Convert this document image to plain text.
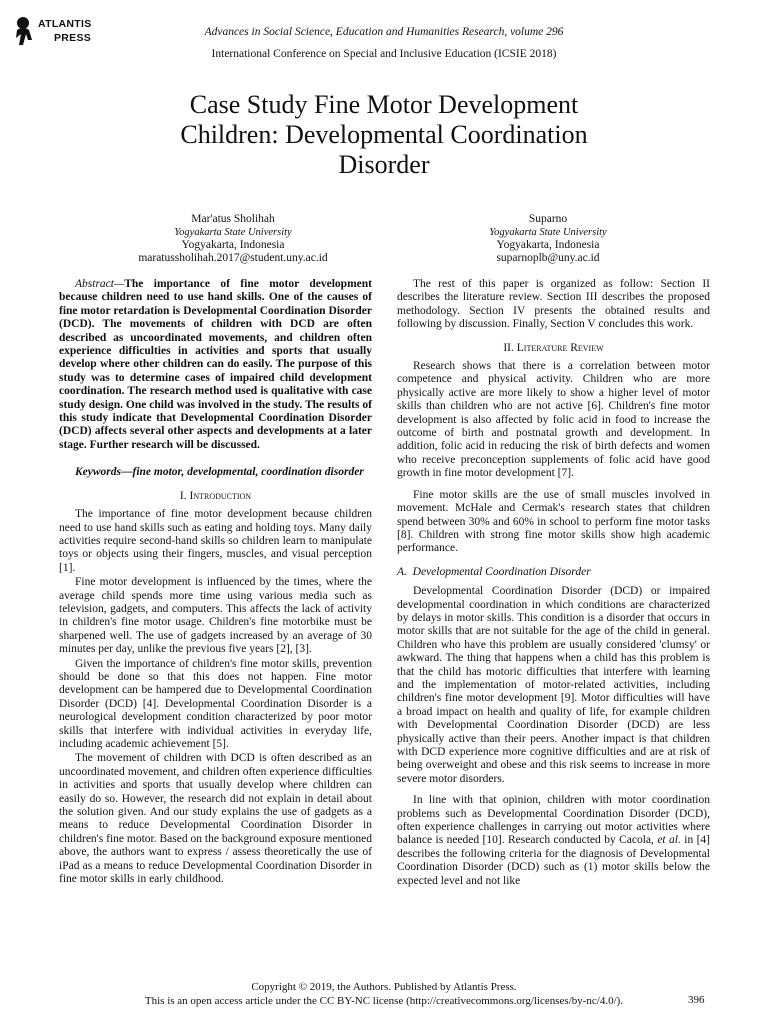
ATLANTIS
PRESS	Advances in Social Science, Education and Humanities Research, volume 296
International Conference on Special and Inclusive Education (ICSIE 2018)
Case Study Fine Motor Development Children: Developmental Coordination Disorder
Mar'atus Sholihah
Yogyakarta State University
Yogyakarta, Indonesia
maratussholihah.2017@student.uny.ac.id
Suparno
Yogyakarta State University
Yogyakarta, Indonesia
suparnoplb@uny.ac.id

Abstract—The importance of fine motor development because children need to use hand skills. One of the causes of fine motor retardation is Developmental Coordination Disorder (DCD). The movements of children with DCD are often described as uncoordinated movements, and children often experience difficulties in activities and sports that usually develop where other children can do easily. The purpose of this study was to determine cases of impaired child development coordination. The research method used is qualitative with case study design. One child was involved in the study. The results of this study indicate that Developmental Coordination Disorder (DCD) affects several other aspects and developments at a later stage. Further research will be discussed.

Keywords—fine motor, developmental, coordination disorder

I. Introduction

The importance of fine motor development because children need to use hand skills such as eating and holding toys. Many daily activities require second-hand skills so children learn to manipulate toys or objects using their fingers, muscles, and visual perception [1].

Fine motor development is influenced by the times, where the average child spends more time using various media such as television, gadgets, and computers. This affects the lack of activity in children's fine motor usage. Children's fine motorbike must be sharpened well. The use of gadgets increased by an average of 30 minutes per day, unlike the previous five years [2], [3].

Given the importance of children's fine motor skills, prevention should be done so that this does not happen. Fine motor development can be hampered due to Developmental Coordination Disorder (DCD) [4]. Developmental Coordination Disorder is a neurological development condition characterized by poor motor skills that interfere with individual activities in everyday life, including academic achievement [5].

The movement of children with DCD is often described as an uncoordinated movement, and children often experience difficulties in activities and sports that usually develop where children can easily do so. However, the research did not explain in detail about the solution given. And our study explains the use of gadgets as a means to reduce Developmental Coordination Disorder in children's fine motor. Based on the background exposure mentioned above, the authors want to express / assess theoretically the use of iPad as a means to reduce Developmental Coordination Disorder in fine motor skills in early childhood.

The rest of this paper is organized as follow: Section II describes the literature review. Section III describes the proposed methodology. Section IV presents the obtained results and following by discussion. Finally, Section V concludes this work.

II. Literature Review

Research shows that there is a correlation between motor competence and physical activity. Children who are more physically active are more likely to show a higher level of motor skills than children who are not active [6]. Children's fine motor development is also affected by folic acid in food to increase the outcome of birth and postnatal growth and development. In addition, folic acid in reducing the risk of birth defects and women who receive preconception supplements of folic acid have good growth in fine motor development [7].

Fine motor skills are the use of small muscles involved in movement. McHale and Cermak's research states that children spend between 30% and 60% in school to perform fine motor tasks [8]. Children with strong fine motor skills show high academic performance.

A. Developmental Coordination Disorder

Developmental Coordination Disorder (DCD) or impaired developmental coordination in which conditions are characterized by delays in motor skills. This condition is a disorder that occurs in motor skills that are not suitable for the age of the child in general. Children who have this problem are usually considered 'clumsy' or awkward. The thing that happens when a child has this problem is that the child has motoric difficulties that interfere with learning and the implementation of motor-related activities, including children's fine motor development [9]. Motor difficulties will have a broad impact on health and quality of life, for example children with Developmental Coordination Disorder (DCD) are less physically active than their peers. Another impact is that children with DCD experience more cognitive difficulties and are at risk of being overweight and obese and this risk seems to increase in more severe motor disorders.

In line with that opinion, children with motor coordination problems such as Developmental Coordination Disorder (DCD), often experience challenges in carrying out motor activities where balance is needed [10]. Research conducted by Cacola, et al. in [4] describes the following criteria for the diagnosis of Developmental Coordination Disorder (DCD) such as (1) motor skills below the expected level and not like

Copyright © 2019, the Authors. Published by Atlantis Press.
This is an open access article under the CC BY-NC license (http://creativecommons.org/licenses/by-nc/4.0/).	396
